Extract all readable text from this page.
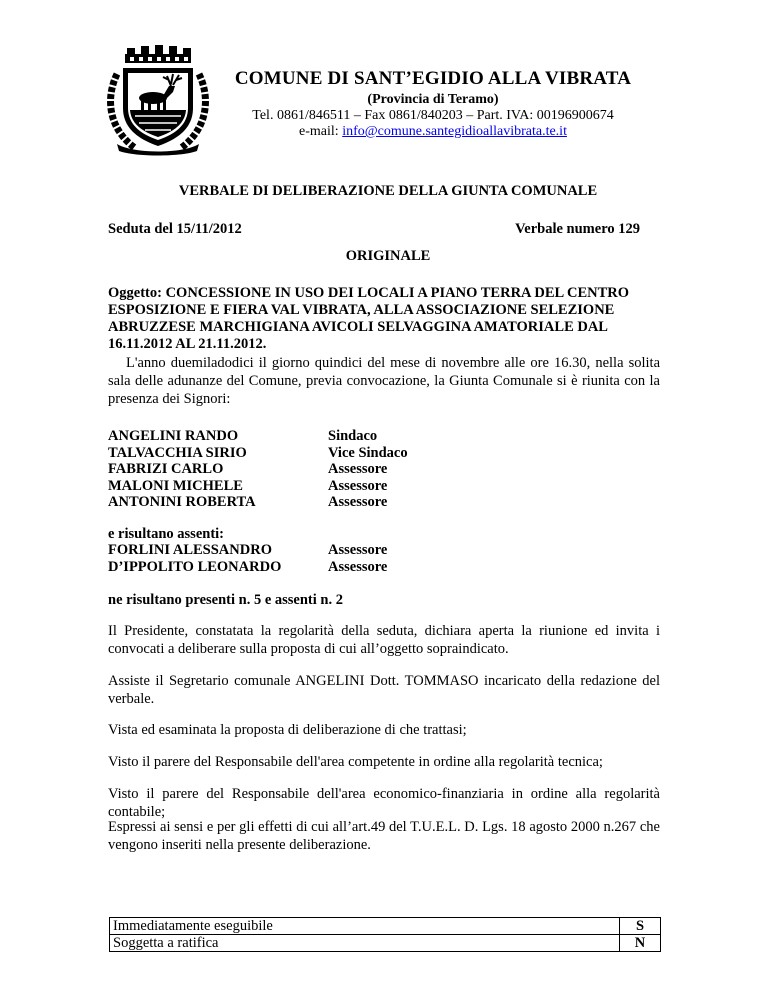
COMUNE DI SANT’EGIDIO ALLA VIBRATA
(Provincia di Teramo)
Tel. 0861/846511 – Fax 0861/840203 – Part. IVA: 00196900674
e-mail: info@comune.santegidioallavibrata.te.it
VERBALE DI DELIBERAZIONE DELLA GIUNTA COMUNALE
Seduta del 15/11/2012	Verbale numero 129
ORIGINALE
Oggetto: CONCESSIONE IN USO DEI LOCALI A PIANO TERRA DEL CENTRO ESPOSIZIONE E FIERA VAL VIBRATA, ALLA ASSOCIAZIONE SELEZIONE ABRUZZESE MARCHIGIANA AVICOLI SELVAGGINA AMATORIALE DAL 16.11.2012 AL 21.11.2012.
L'anno duemiladodici il giorno quindici del mese di novembre alle ore 16.30, nella solita sala delle adunanze del Comune, previa convocazione, la Giunta Comunale si è riunita con la presenza dei Signori:
ANGELINI RANDO	Sindaco
TALVACCHIA SIRIO	Vice Sindaco
FABRIZI CARLO	Assessore
MALONI MICHELE	Assessore
ANTONINI ROBERTA	Assessore
e risultano assenti:
FORLINI ALESSANDRO	Assessore
D’IPPOLITO LEONARDO	Assessore
ne risultano presenti n. 5 e assenti n. 2
Il Presidente, constatata la regolarità della seduta, dichiara aperta la riunione ed invita i convocati a deliberare sulla proposta di cui all’oggetto sopraindicato.
Assiste il Segretario comunale ANGELINI Dott. TOMMASO incaricato della redazione del verbale.
Vista ed esaminata la proposta di deliberazione di che trattasi;
Visto il parere del Responsabile dell'area competente in ordine alla regolarità tecnica;
Visto il parere del Responsabile dell'area economico-finanziaria in ordine alla regolarità contabile;
Espressi ai sensi e per gli effetti di cui all’art.49 del T.U.E.L. D. Lgs. 18 agosto 2000 n.267 che vengono inseriti nella presente deliberazione.
Immediatamente eseguibile	S
Soggetta a ratifica	N
